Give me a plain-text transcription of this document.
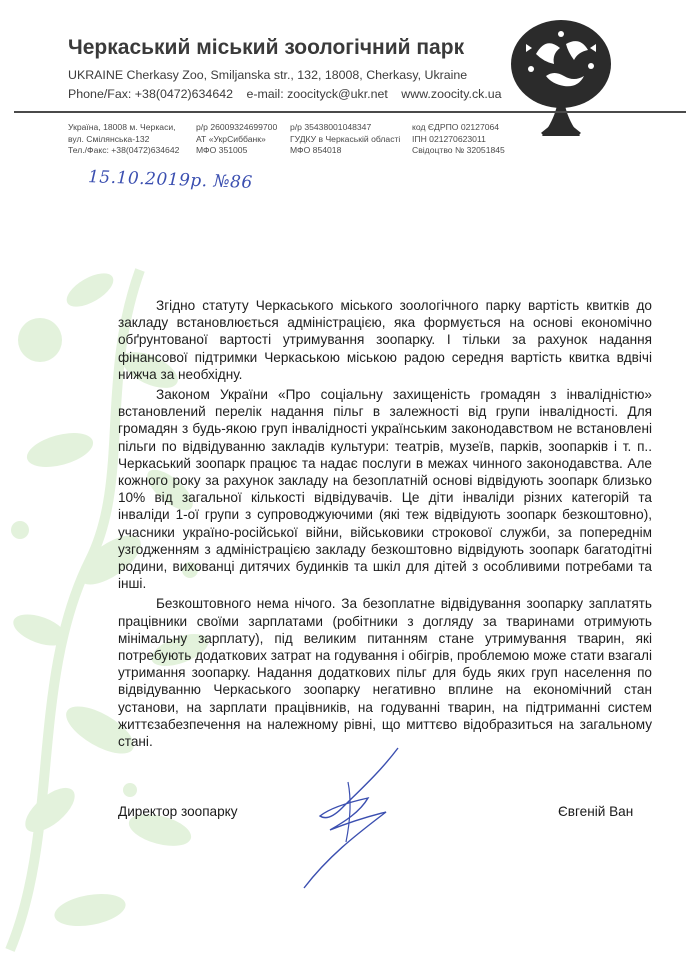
Черкаський міський зоологічний парк
UKRAINE Cherkasy Zoo, Smiljanska str., 132, 18008, Cherkasy, Ukraine
Phone/Fax: +38(0472)634642 e-mail: zoocityck@ukr.net www.zoocity.ck.ua
Україна, 18008 м. Черкаси,
вул. Смілянська-132
Тел./Факс: +38(0472)634642
р/р 26009324699700
АТ «УкрСиббанк»
МФО 351005
р/р 35438001048347
ГУДКУ в Черкаській області
МФО 854018
код ЄДРПО 02127064
ІПН 021270623011
Свідоцтво № 32051845
15.10.2019р. №86

Згідно статуту Черкаського міського зоологічного парку вартість квитків до закладу встановлюється адміністрацією, яка формується на основі економічно обґрунтованої вартості утримування зоопарку. І тільки за рахунок надання фінансової підтримки Черкаською міською радою середня вартість квитка вдвічі нижча за необхідну.

Законом України «Про соціальну захищеність громадян з інвалідністю» встановлений перелік надання пільг в залежності від групи інвалідності. Для громадян з будь-якою груп інвалідності українським законодавством не встановлені пільги по відвідуванню закладів культури: театрів, музеїв, парків, зоопарків і т. п.. Черкаський зоопарк працює та надає послуги в межах чинного законодавства. Але кожного року за рахунок закладу на безоплатній основі відвідують зоопарк близько 10% від загальної кількості відвідувачів. Це діти інваліди різних категорій та інваліди 1-ої групи з супроводжуючими (які теж відвідують зоопарк безкоштовно), учасники україно-російської війни, військовики строкової служби, за попереднім узгодженням з адміністрацією закладу безкоштовно відвідують зоопарк багатодітні родини, вихованці дитячих будинків та шкіл для дітей з особливими потребами та інші.

Безкоштовного нема нічого. За безоплатне відвідування зоопарку заплатять працівники своїми зарплатами (робітники з догляду за тваринами отримують мінімальну зарплату), під великим питанням стане утримування тварин, які потребують додаткових затрат на годування і обігрів, проблемою може стати взагалі утримання зоопарку. Надання додаткових пільг для будь яких груп населення по відвідуванню Черкаського зоопарку негативно вплине на економічний стан установи, на зарплати працівників, на годуванні тварин, на підтриманні систем життєзабезпечення на належному рівні, що миттєво відобразиться на загальному стані.

Директор зоопарку	Євгеній Ван
